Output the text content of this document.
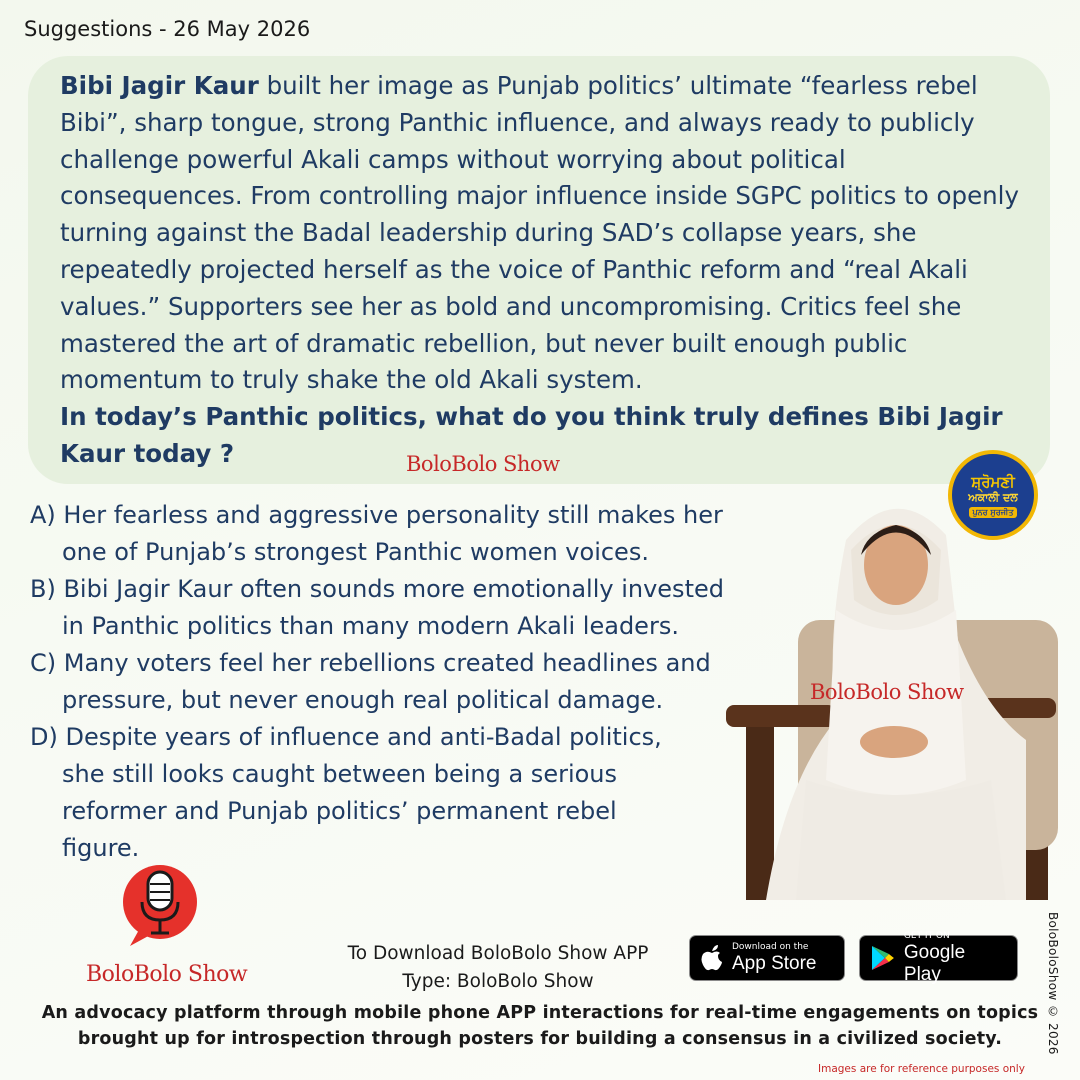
Suggestions - 26 May 2026

Bibi Jagir Kaur built her image as Punjab politics’ ultimate “fearless rebel Bibi”, sharp tongue, strong Panthic influence, and always ready to publicly challenge powerful Akali camps without worrying about political consequences. From controlling major influence inside SGPC politics to openly turning against the Badal leadership during SAD’s collapse years, she repeatedly projected herself as the voice of Panthic reform and “real Akali values.” Supporters see her as bold and uncompromising. Critics feel she mastered the art of dramatic rebellion, but never built enough public momentum to truly shake the old Akali system.
In today’s Panthic politics, what do you think truly defines Bibi Jagir Kaur today ?	BoloBolo Show
A) Her fearless and aggressive personality still makes her
one of Punjab’s strongest Panthic women voices.
B) Bibi Jagir Kaur often sounds more emotionally invested
in Panthic politics than many modern Akali leaders.
C) Many voters feel her rebellions created headlines and
pressure, but never enough real political damage.
D) Despite years of influence and anti-Badal politics,
she still looks caught between being a serious
reformer and Punjab politics’ permanent rebel
figure.
BoloBolo Show
ਸ਼੍ਰੋਮਣੀ
ਅਕਾਲੀ ਦਲ
ਪੁਨਰ ਸੁਰਜੀਤ
BoloBoloShow © 2026
BoloBolo Show
To Download BoloBolo Show APP
Type: BoloBolo Show
Download on the
App Store
GET IT ON
Google Play
An advocacy platform through mobile phone APP interactions for real-time engagements on topics
brought up for introspection through posters for building a consensus in a civilized society.
Images are for reference purposes only
